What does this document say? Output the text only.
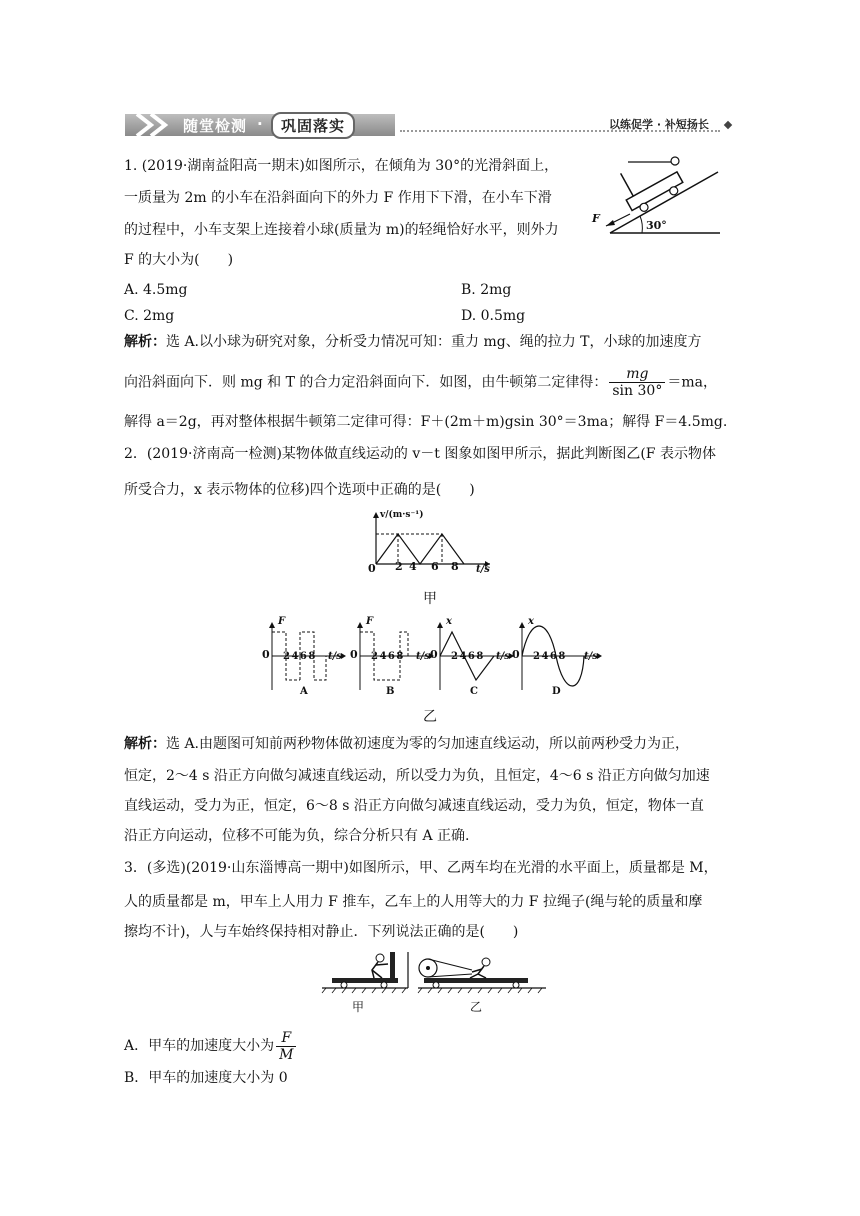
随堂检测 ·	巩固落实	以练促学 · 补短扬长
1. (2019·湖南益阳高一期末)如图所示，在倾角为 30°的光滑斜面上，
一质量为 2m 的小车在沿斜面向下的外力 F 作用下下滑，在小车下滑
的过程中，小车支架上连接着小球(质量为 m)的轻绳恰好水平，则外力
F 的大小为(　　)
F
30°
A. 4.5mg	B. 2mg
C. 2mg	D. 0.5mg
解析：选 A.以小球为研究对象，分析受力情况可知：重力 mg、绳的拉力 T，小球的加速度方
向沿斜面向下．则 mg 和 T 的合力定沿斜面向下．如图，由牛顿第二定律得： $\frac{mg}{\sin 30^\circ} =ma$，
解得 a＝2g，再对整体根据牛顿第二定律可得：F＋(2m＋m)gsin 30°＝3ma；解得 F＝4.5mg.
2．(2019·济南高一检测)某物体做直线运动的 v－t 图象如图甲所示，据此判断图乙(F 表示物体
所受合力，x 表示物体的位移)四个选项中正确的是(　　)
v/(m·s⁻¹)
0 2 4 6 8 t/s
甲
0	0	0	0
F	F	x	x
2 4 6 8	2 4 6 8	2 4 6 8	2 4 6 8
t/s	t/s	t/s	t/s
A	B	C	D
乙
解析：选 A.由题图可知前两秒物体做初速度为零的匀加速直线运动，所以前两秒受力为正，
恒定，2～4 s 沿正方向做匀减速直线运动，所以受力为负，且恒定，4～6 s 沿正方向做匀加速
直线运动，受力为正，恒定，6～8 s 沿正方向做匀减速直线运动，受力为负，恒定，物体一直
沿正方向运动，位移不可能为负，综合分析只有 A 正确.
3．(多选)(2019·山东淄博高一期中)如图所示，甲、乙两车均在光滑的水平面上，质量都是 M，
人的质量都是 m，甲车上人用力 F 推车，乙车上的人用等大的力 F 拉绳子(绳与轮的质量和摩
擦均不计)，人与车始终保持相对静止．下列说法正确的是(　　)
甲	乙
A．甲车的加速度大小为 $\frac{F}{M}$
B．甲车的加速度大小为 0
